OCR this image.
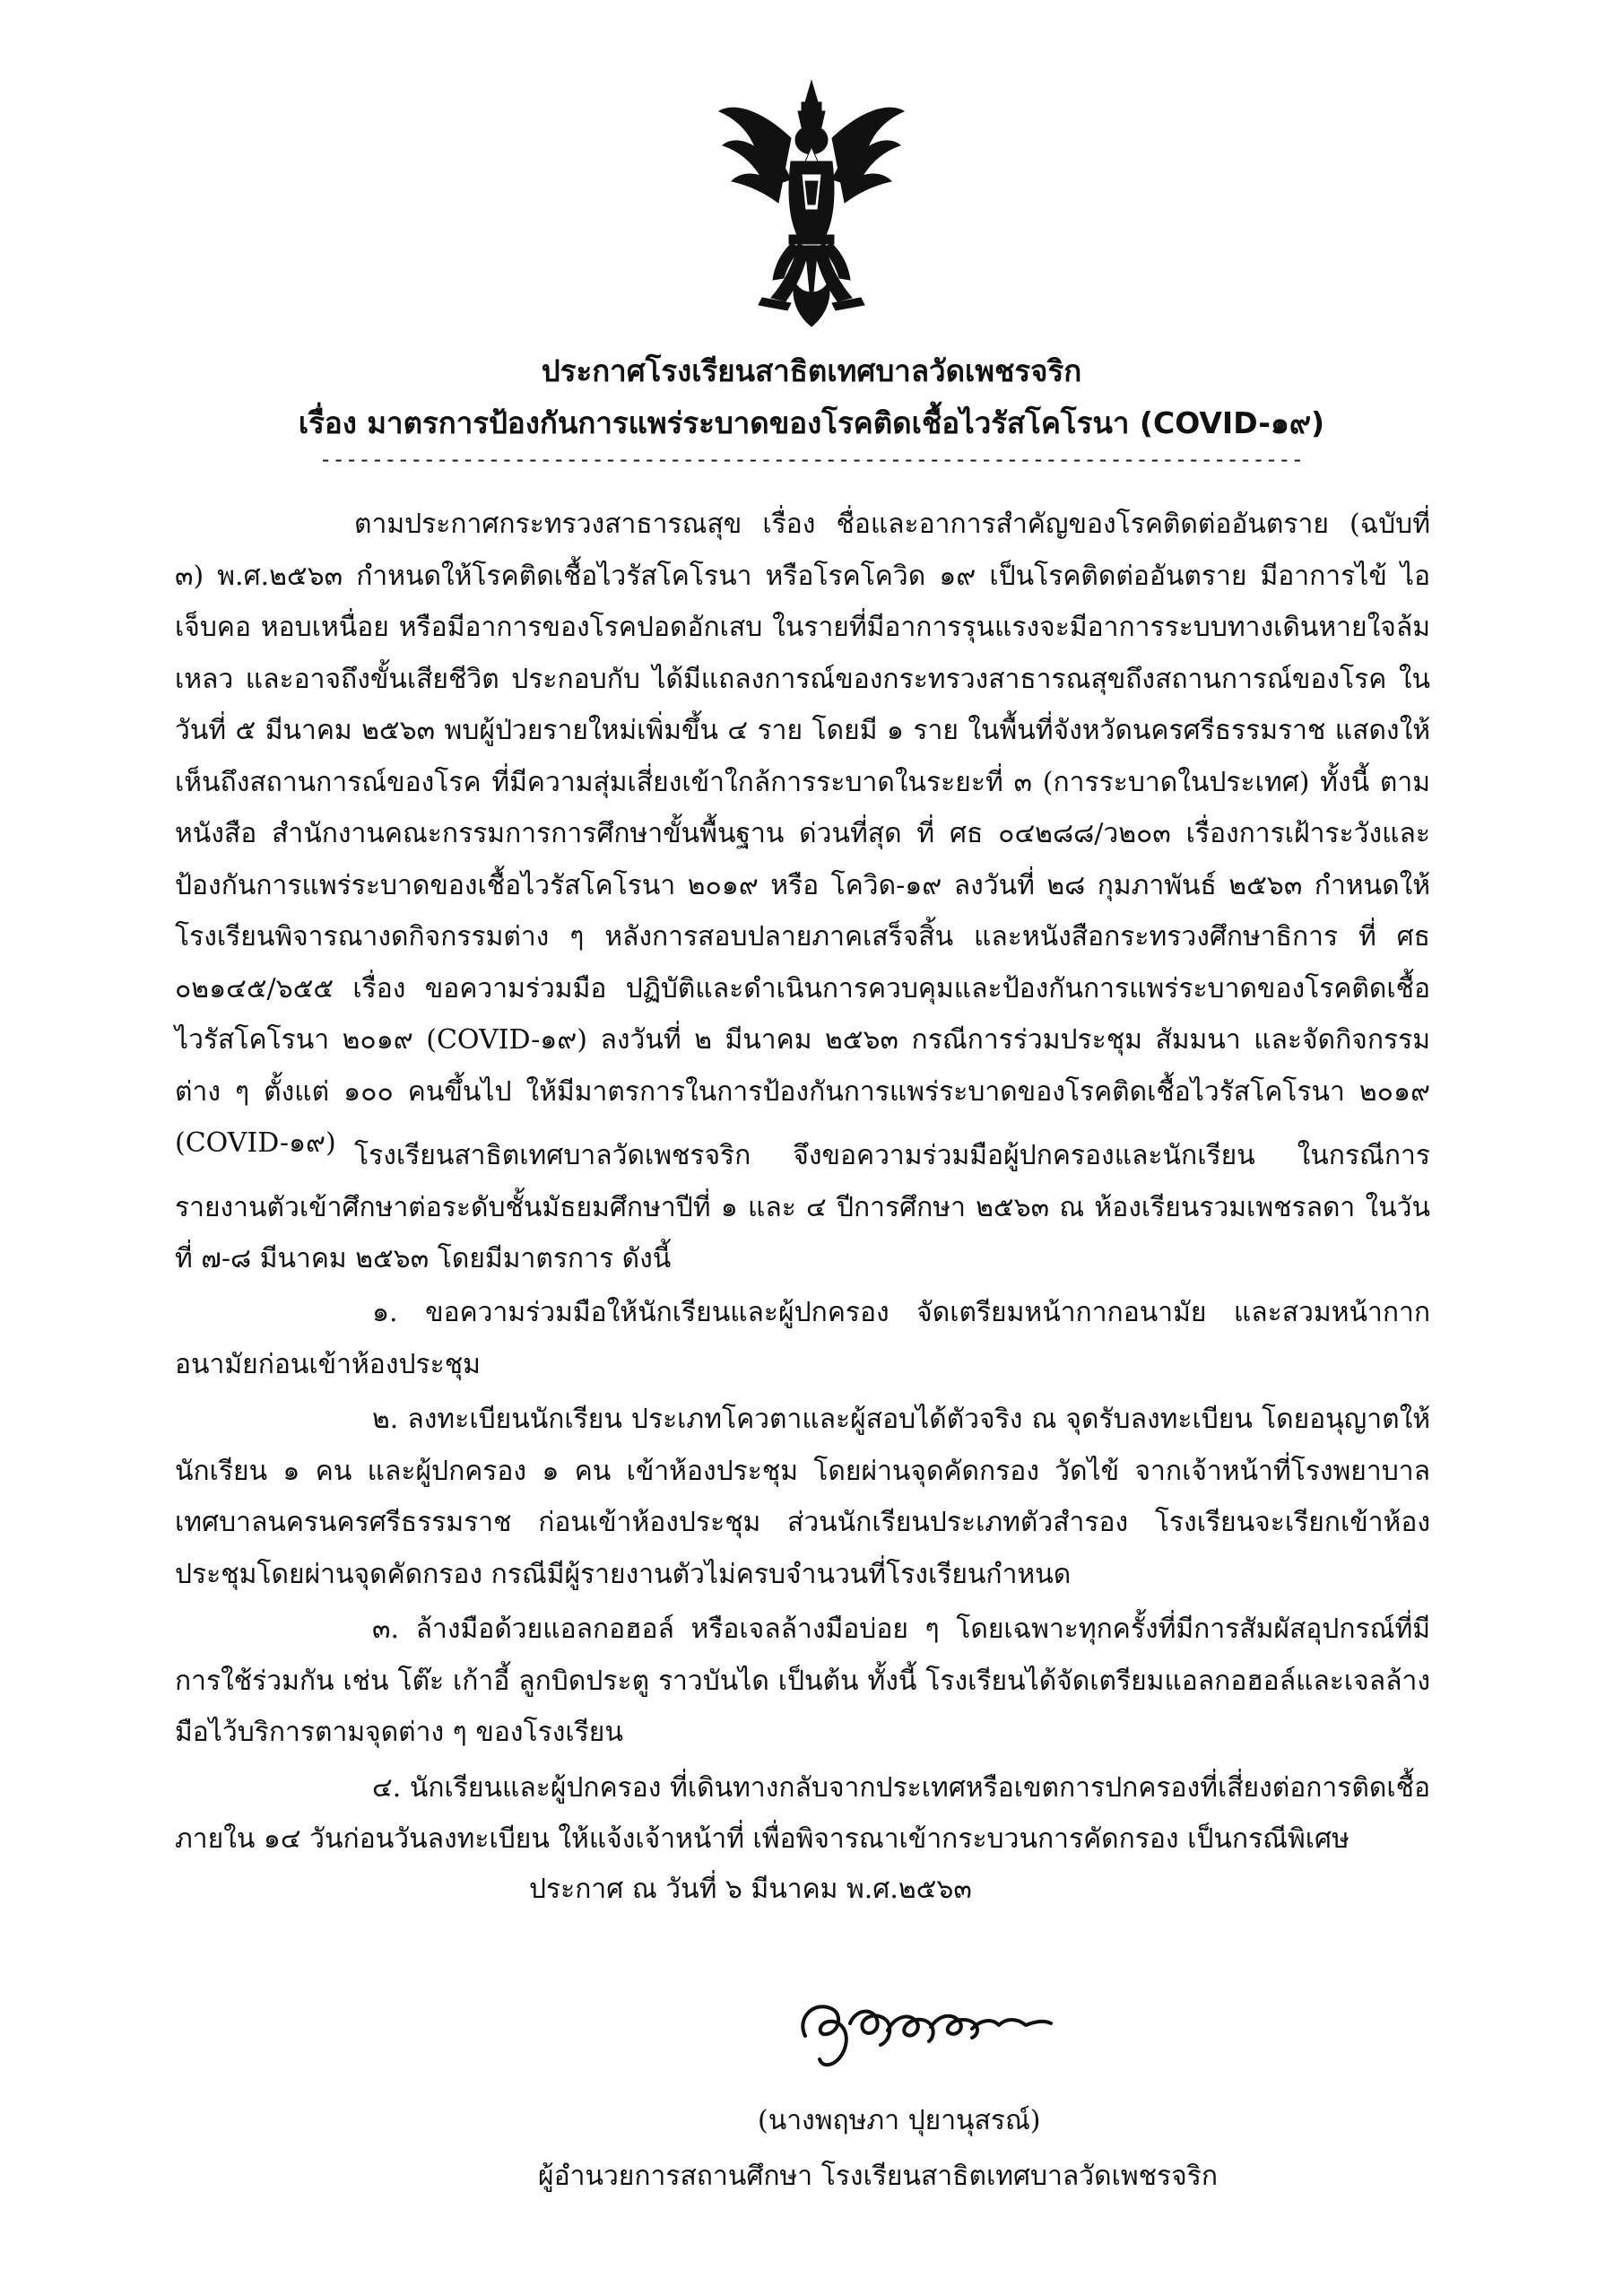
ประกาศโรงเรียนสาธิตเทศบาลวัดเพชรจริก
เรื่อง มาตรการป้องกันการแพร่ระบาดของโรคติดเชื้อไวรัสโคโรนา (COVID-๑๙)
----------------------------------------------------------------------------

ตามประกาศกระทรวงสาธารณสุข เรื่อง ชื่อและอาการสำคัญของโรคติดต่ออันตราย (ฉบับที่ ๓) พ.ศ.๒๕๖๓ กำหนดให้โรคติดเชื้อไวรัสโคโรนา หรือโรคโควิด ๑๙ เป็นโรคติดต่ออันตราย มีอาการไข้ ไอ เจ็บคอ หอบเหนื่อย หรือมีอาการของโรคปอดอักเสบ ในรายที่มีอาการรุนแรงจะมีอาการระบบทางเดินหายใจล้มเหลว และอาจถึงขั้นเสียชีวิต ประกอบกับ ได้มีแถลงการณ์ของกระทรวงสาธารณสุขถึงสถานการณ์ของโรค ในวันที่ ๕ มีนาคม ๒๕๖๓ พบผู้ป่วยรายใหม่เพิ่มขึ้น ๔ ราย โดยมี ๑ ราย ในพื้นที่จังหวัดนครศรีธรรมราช แสดงให้เห็นถึงสถานการณ์ของโรค ที่มีความสุ่มเสี่ยงเข้าใกล้การระบาดในระยะที่ ๓ (การระบาดในประเทศ) ทั้งนี้ ตามหนังสือ สำนักงานคณะกรรมการการศึกษาขั้นพื้นฐาน ด่วนที่สุด ที่ ศธ ๐๔๒๘๘/ว๒๐๓ เรื่องการเฝ้าระวังและป้องกันการแพร่ระบาดของเชื้อไวรัสโคโรนา ๒๐๑๙ หรือ โควิด-๑๙ ลงวันที่ ๒๘ กุมภาพันธ์ ๒๕๖๓ กำหนดให้โรงเรียนพิจารณางดกิจกรรมต่าง ๆ หลังการสอบปลายภาคเสร็จสิ้น และหนังสือกระทรวงศึกษาธิการ ที่ ศธ ๐๒๑๔๕/๖๕๕ เรื่อง ขอความร่วมมือ ปฏิบัติและดำเนินการควบคุมและป้องกันการแพร่ระบาดของโรคติดเชื้อไวรัสโคโรนา ๒๐๑๙ (COVID-๑๙) ลงวันที่ ๒ มีนาคม ๒๕๖๓ กรณีการร่วมประชุม สัมมนา และจัดกิจกรรมต่าง ๆ ตั้งแต่ ๑๐๐ คนขึ้นไป ให้มีมาตรการในการป้องกันการแพร่ระบาดของโรคติดเชื้อไวรัสโคโรนา ๒๐๑๙ (COVID-๑๙) โรงเรียนสาธิตเทศบาลวัดเพชรจริก จึงขอความร่วมมือผู้ปกครองและนักเรียน ในกรณีการรายงานตัวเข้าศึกษาต่อระดับชั้นมัธยมศึกษาปีที่ ๑ และ ๔ ปีการศึกษา ๒๕๖๓ ณ ห้องเรียนรวมเพชรลดา ในวันที่ ๗-๘ มีนาคม ๒๕๖๓ โดยมีมาตรการ ดังนี้

๑. ขอความร่วมมือให้นักเรียนและผู้ปกครอง จัดเตรียมหน้ากากอนามัย และสวมหน้ากากอนามัยก่อนเข้าห้องประชุม

๒. ลงทะเบียนนักเรียน ประเภทโควตาและผู้สอบได้ตัวจริง ณ จุดรับลงทะเบียน โดยอนุญาตให้นักเรียน ๑ คน และผู้ปกครอง ๑ คน เข้าห้องประชุม โดยผ่านจุดคัดกรอง วัดไข้ จากเจ้าหน้าที่โรงพยาบาลเทศบาลนครนครศรีธรรมราช ก่อนเข้าห้องประชุม ส่วนนักเรียนประเภทตัวสำรอง โรงเรียนจะเรียกเข้าห้องประชุมโดยผ่านจุดคัดกรอง กรณีมีผู้รายงานตัวไม่ครบจำนวนที่โรงเรียนกำหนด

๓. ล้างมือด้วยแอลกอฮอล์ หรือเจลล้างมือบ่อย ๆ โดยเฉพาะทุกครั้งที่มีการสัมผัสอุปกรณ์ที่มีการใช้ร่วมกัน เช่น โต๊ะ เก้าอี้ ลูกบิดประตู ราวบันได เป็นต้น ทั้งนี้ โรงเรียนได้จัดเตรียมแอลกอฮอล์และเจลล้างมือไว้บริการตามจุดต่าง ๆ ของโรงเรียน

๔. นักเรียนและผู้ปกครอง ที่เดินทางกลับจากประเทศหรือเขตการปกครองที่เสี่ยงต่อการติดเชื้อ ภายใน ๑๔ วันก่อนวันลงทะเบียน ให้แจ้งเจ้าหน้าที่ เพื่อพิจารณาเข้ากระบวนการคัดกรอง เป็นกรณีพิเศษ

ประกาศ ณ วันที่ ๖ มีนาคม พ.ศ.๒๕๖๓
(นางพฤษภา ปุยานุสรณ์)
ผู้อำนวยการสถานศึกษา โรงเรียนสาธิตเทศบาลวัดเพชรจริก
